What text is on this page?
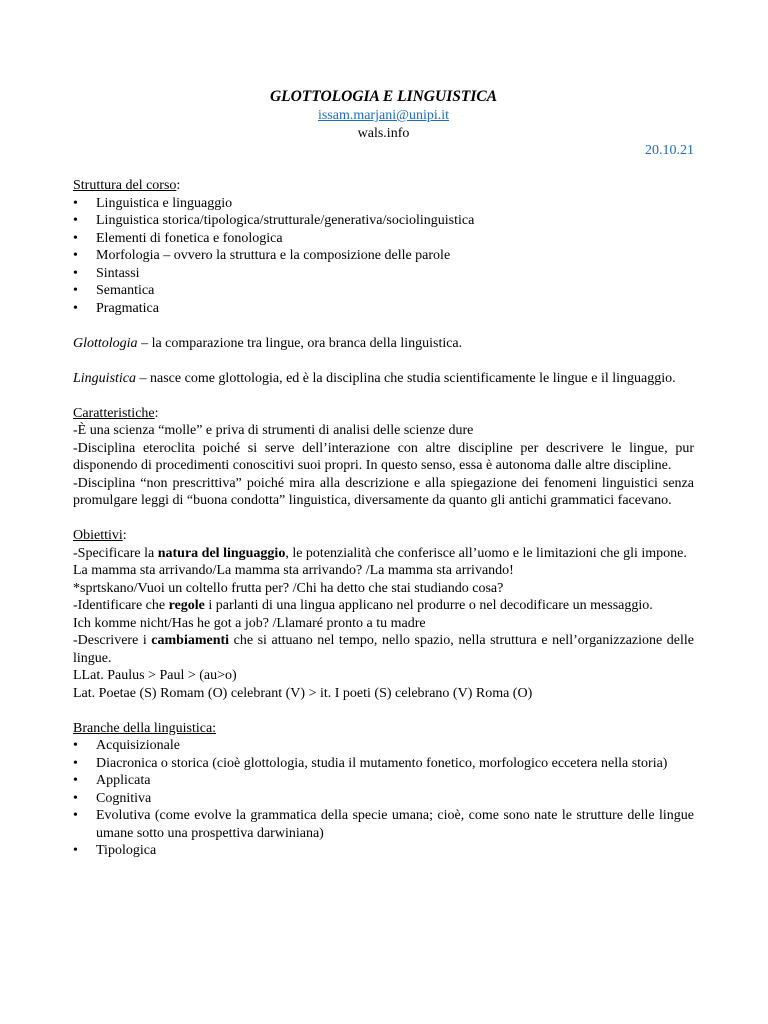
GLOTTOLOGIA E LINGUISTICA
issam.marjani@unipi.it
wals.info
20.10.21
Struttura del corso:
• Linguistica e linguaggio
• Linguistica storica/tipologica/strutturale/generativa/sociolinguistica
• Elementi di fonetica e fonologica
• Morfologia – ovvero la struttura e la composizione delle parole
• Sintassi
• Semantica
• Pragmatica

Glottologia – la comparazione tra lingue, ora branca della linguistica.

Linguistica – nasce come glottologia, ed è la disciplina che studia scientificamente le lingue e il linguaggio.

Caratteristiche:

-È una scienza “molle” e priva di strumenti di analisi delle scienze dure

-Disciplina eteroclita poiché si serve dell’interazione con altre discipline per descrivere le lingue, pur disponendo di procedimenti conoscitivi suoi propri. In questo senso, essa è autonoma dalle altre discipline.

-Disciplina “non prescrittiva” poiché mira alla descrizione e alla spiegazione dei fenomeni linguistici senza promulgare leggi di “buona condotta” linguistica, diversamente da quanto gli antichi grammatici facevano.

Obiettivi:

-Specificare la natura del linguaggio, le potenzialità che conferisce all’uomo e le limitazioni che gli impone.

La mamma sta arrivando/La mamma sta arrivando? /La mamma sta arrivando!

*sprtskano/Vuoi un coltello frutta per? /Chi ha detto che stai studiando cosa?

-Identificare che regole i parlanti di una lingua applicano nel produrre o nel decodificare un messaggio.

Ich komme nicht/Has he got a job? /Llamaré pronto a tu madre

-Descrivere i cambiamenti che si attuano nel tempo, nello spazio, nella struttura e nell’organizzazione delle lingue.

LLat. Paulus > Paul > (au>o)

Lat. Poetae (S) Romam (O) celebrant (V) > it. I poeti (S) celebrano (V) Roma (O)

Branche della linguistica:
• Acquisizionale
• Diacronica o storica (cioè glottologia, studia il mutamento fonetico, morfologico eccetera nella storia)
• Applicata
• Cognitiva
• Evolutiva (come evolve la grammatica della specie umana; cioè, come sono nate le strutture delle lingue umane sotto una prospettiva darwiniana)
• Tipologica
